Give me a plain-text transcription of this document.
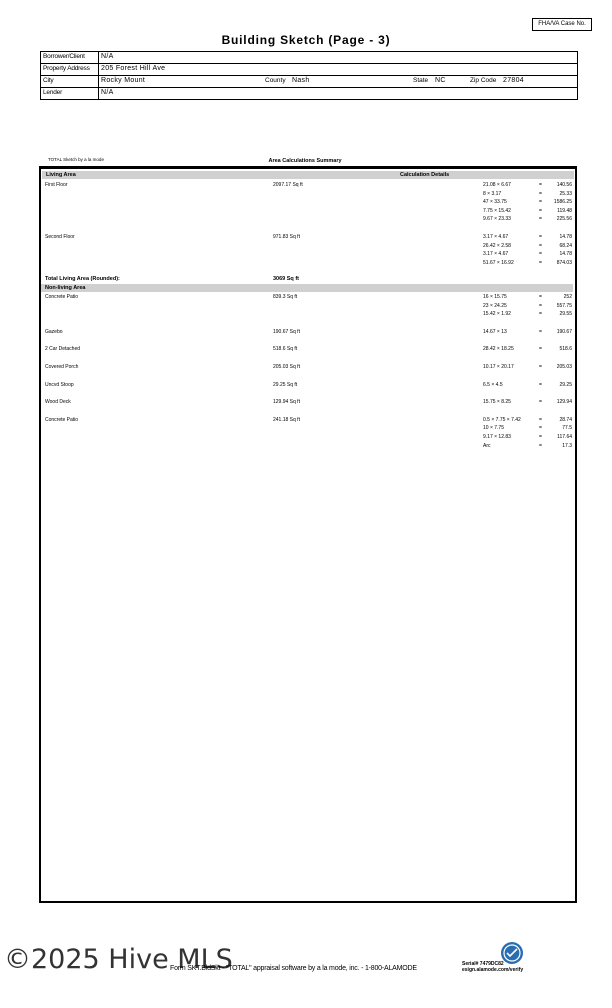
FHA/VA Case No.
Building Sketch (Page - 3)
Borrower/Client N/A
Property Address 205 Forest Hill Ave
City	Rocky Mount	County Nash	State NC	Zip Code 27804
Lender	N/A
TOTAL Sketch by a la mode	Area Calculations Summary
Living Area	Calculation Details
First Floor	2097.17 Sq ft	21.08 × 6.67	=	140.56
8 × 3.17	=	25.33
47 × 33.75	=	1586.25
7.75 × 15.42	=	119.48
9.67 × 23.33	=	225.56
Second Floor	971.83 Sq ft	3.17 × 4.67	=	14.78
26.42 × 2.58	=	68.24
3.17 × 4.67	=	14.78
51.67 × 16.92	=	874.03
Total Living Area (Rounded):	3069 Sq ft
Non-living Area
Concrete Patio	839.3 Sq ft	16 × 15.75	=	252
23 × 24.25	=	557.75
15.42 × 1.92	=	29.55
Gazebo	190.67 Sq ft	14.67 × 13	=	190.67
2 Car Detached	518.6 Sq ft	28.42 × 18.25	=	518.6
Covered Porch	205.03 Sq ft	10.17 × 20.17	=	205.03
Uncvd Stoop	29.25 Sq ft	6.5 × 4.5	=	29.25
Wood Deck	129.94 Sq ft	15.75 × 8.25	=	129.94
Concrete Patio	241.18 Sq ft	0.5 × 7.75 × 7.42	=	28.74
10 × 7.75	=	77.5
9.17 × 12.83	=	117.64
Arc	=	17.3
©2025 Hive MLS
Form SKT.BldSkt - "TOTAL" appraisal software by a la mode, inc. - 1-800-ALAMODE
Serial# 7479DC82
esign.alamode.com/verify
